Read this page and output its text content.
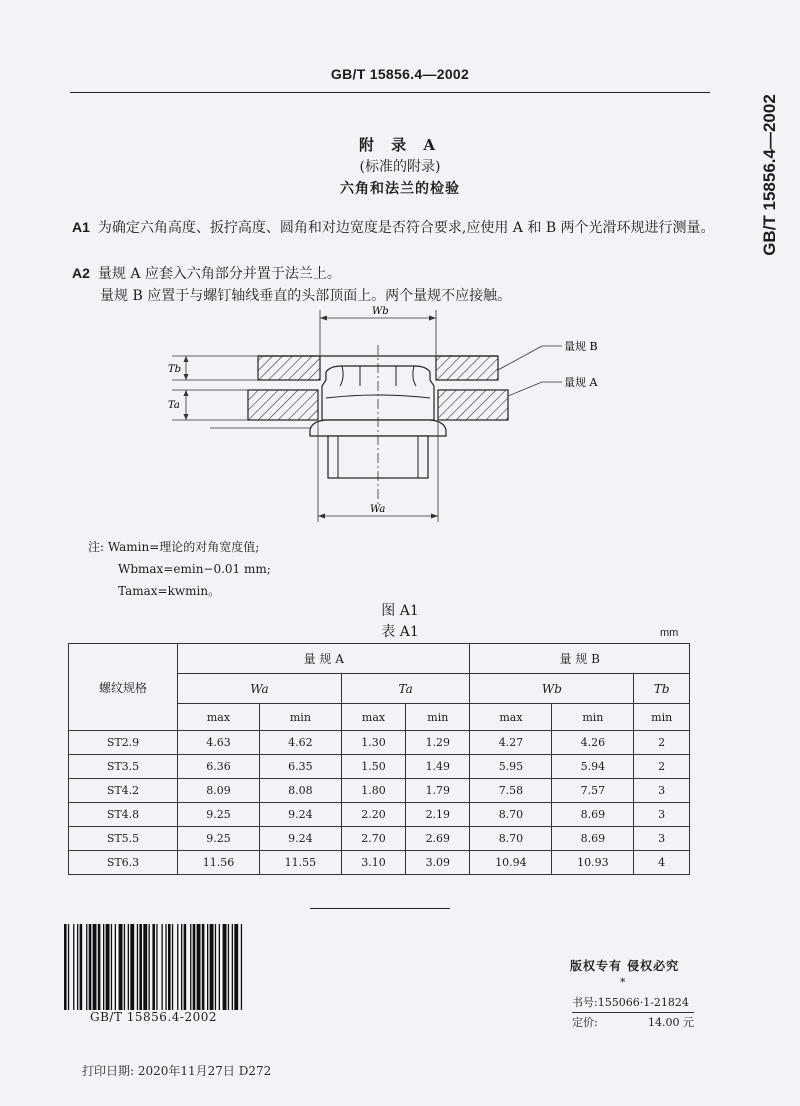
GB/T 15856.4—2002
GB/T 15856.4—2002
附 录 A
(标准的附录)
六角和法兰的检验
A1 为确定六角高度、扳拧高度、圆角和对边宽度是否符合要求,应使用 A 和 B 两个光滑环规进行测量。
A2 量规 A 应套入六角部分并置于法兰上。
量规 B 应置于与螺钉轴线垂直的头部顶面上。两个量规不应接触。
Wb
Tb
Ta
量规 B
量规 A
Wa
注: Wamin=理论的对角宽度值;
Wbmax=emin−0.01 mm;
Tamax=kwmin。
图 A1
表 A1	mm
螺纹规格	量 规 A				量 规 B		
	Wa		Ta		Wb		Tb
	max	min	max	min	max	min	min
ST2.9	4.63	4.62	1.30	1.29	4.27	4.26	2
ST3.5	6.36	6.35	1.50	1.49	5.95	5.94	2
ST4.2	8.09	8.08	1.80	1.79	7.58	7.57	3
ST4.8	9.25	9.24	2.20	2.19	8.70	8.69	3
ST5.5	9.25	9.24	2.70	2.69	8.70	8.69	3
ST6.3	11.56	11.55	3.10	3.09	10.94	10.93	4
GB/T 15856.4-2002
版权专有 侵权必究
*
书号:155066·1-21824
定价:	14.00 元
打印日期: 2020年11月27日 D272
